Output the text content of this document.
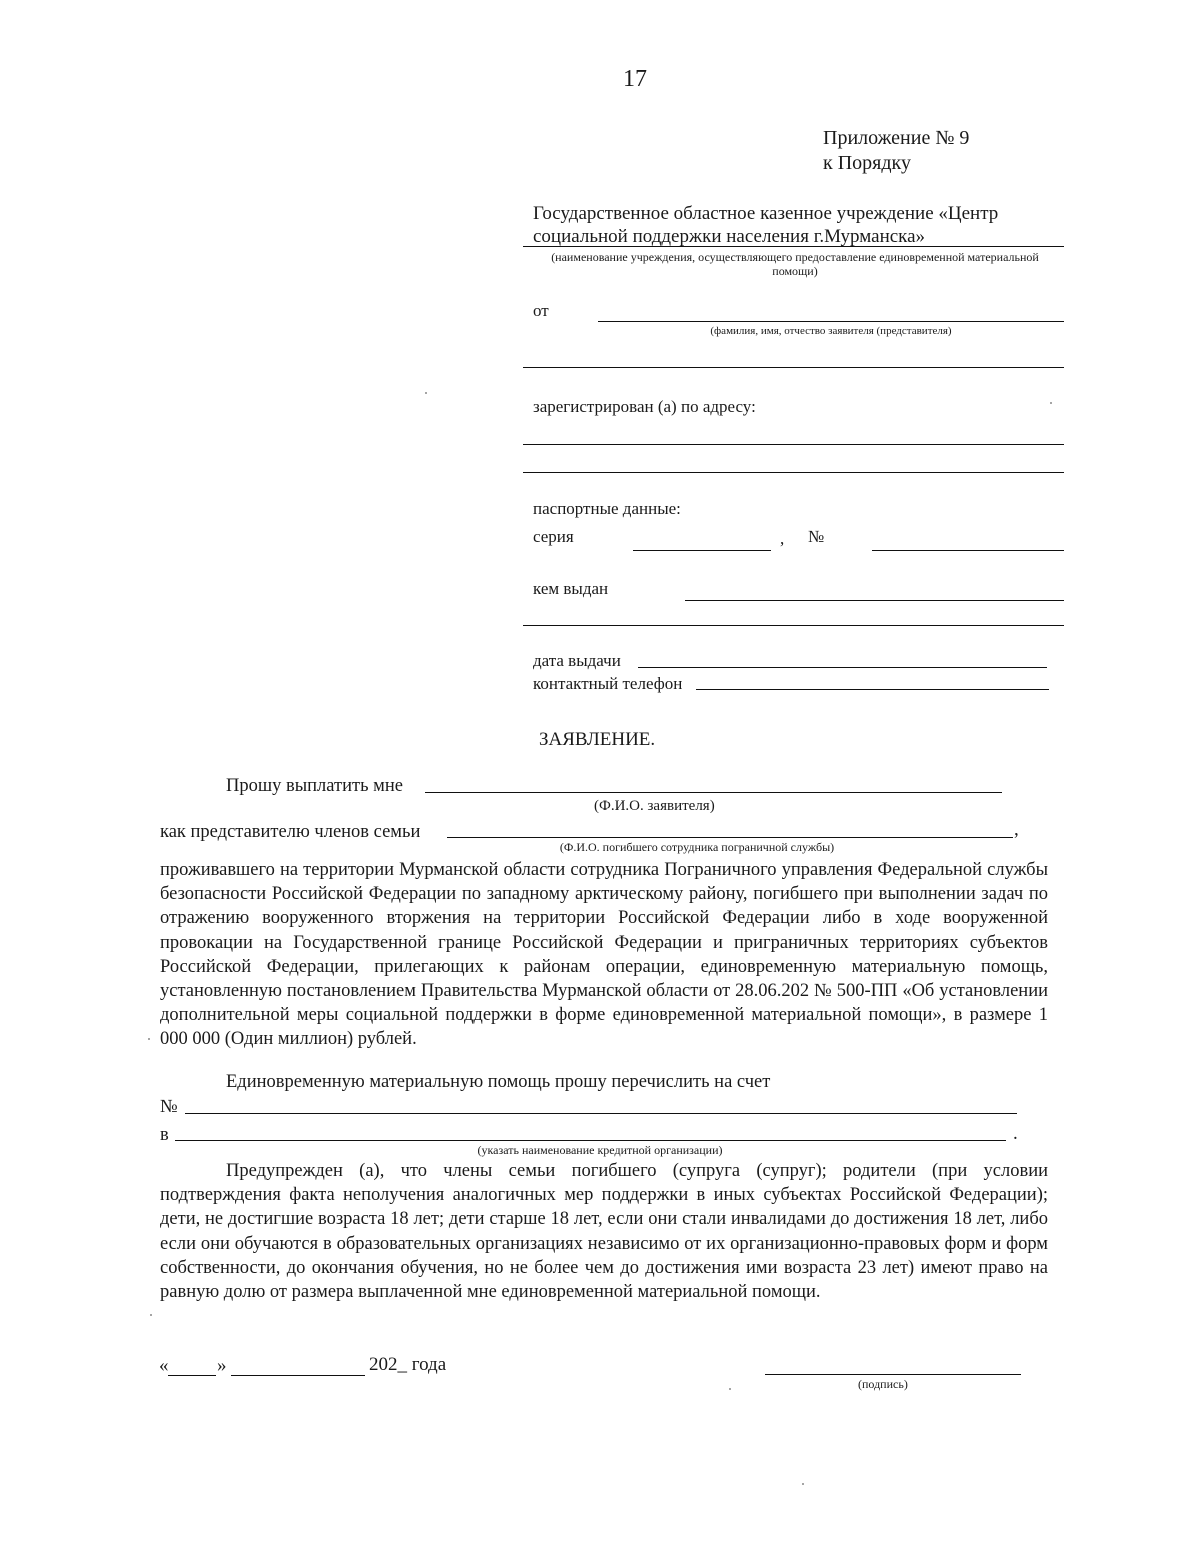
17
Приложение № 9
к Порядку
Государственное областное казенное учреждение «Центр
социальной поддержки населения г.Мурманска»
(наименование учреждения, осуществляющего предоставление единовременной материальной помощи)
от
(фамилия, имя, отчество заявителя (представителя)
зарегистрирован (а) по адресу:
паспортные данные:
серия	, №
кем выдан
дата выдачи
контактный телефон
ЗАЯВЛЕНИЕ.
Прошу выплатить мне
(Ф.И.О. заявителя)
как представителю членов семьи	,
(Ф.И.О. погибшего сотрудника пограничной службы)
проживавшего на территории Мурманской области сотрудника Пограничного управления Федеральной службы безопасности Российской Федерации по западному арктическому району, погибшего при выполнении задач по отражению вооруженного вторжения на территории Российской Федерации либо в ходе вооруженной провокации на Государственной границе Российской Федерации и приграничных территориях субъектов Российской Федерации, прилегающих к районам операции, единовременную материальную помощь, установленную постановлением Правительства Мурманской области от 28.06.202 № 500-ПП «Об установлении дополнительной меры социальной поддержки в форме единовременной материальной помощи», в размере 1 000 000 (Один миллион) рублей.
Единовременную материальную помощь прошу перечислить на счет
№
в	.
(указать наименование кредитной организации)
Предупрежден (а), что члены семьи погибшего (супруга (супруг); родители (при условии подтверждения факта неполучения аналогичных мер поддержки в иных субъектах Российской Федерации); дети, не достигшие возраста 18 лет; дети старше 18 лет, если они стали инвалидами до достижения 18 лет, либо если они обучаются в образовательных организациях независимо от их организационно-правовых форм и форм собственности, до окончания обучения, но не более чем до достижения ими возраста 23 лет) имеют право на равную долю от размера выплаченной мне единовременной материальной помощи.
«	»	202_ года
(подпись)
